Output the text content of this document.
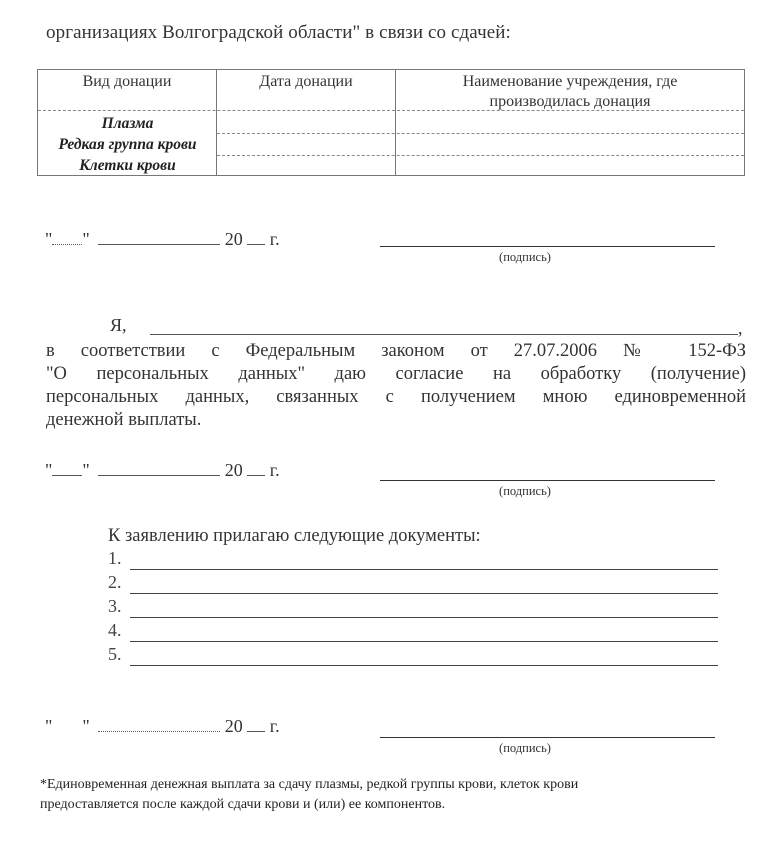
организациях Волгоградской области" в связи со сдачей:
Вид донации	Дата донации	Наименование учреждения, где
производилась донация
Плазма
Редкая группа крови
Клетки крови
" "	20 г.
(подпись)
Я,	,
в соответствии с Федеральным законом от 27.07.2006 № 152-ФЗ
"О персональных данных" даю согласие на обработку (получение)
персональных данных, связанных с получением мною единовременной
денежной выплаты.
" "	20 г.
(подпись)
К заявлению прилагаю следующие документы:
1.
2.
3.
4.
5.
" "	20 г.
(подпись)
*Единовременная денежная выплата за сдачу плазмы, редкой группы крови, клеток крови
предоставляется после каждой сдачи крови и (или) ее компонентов.
